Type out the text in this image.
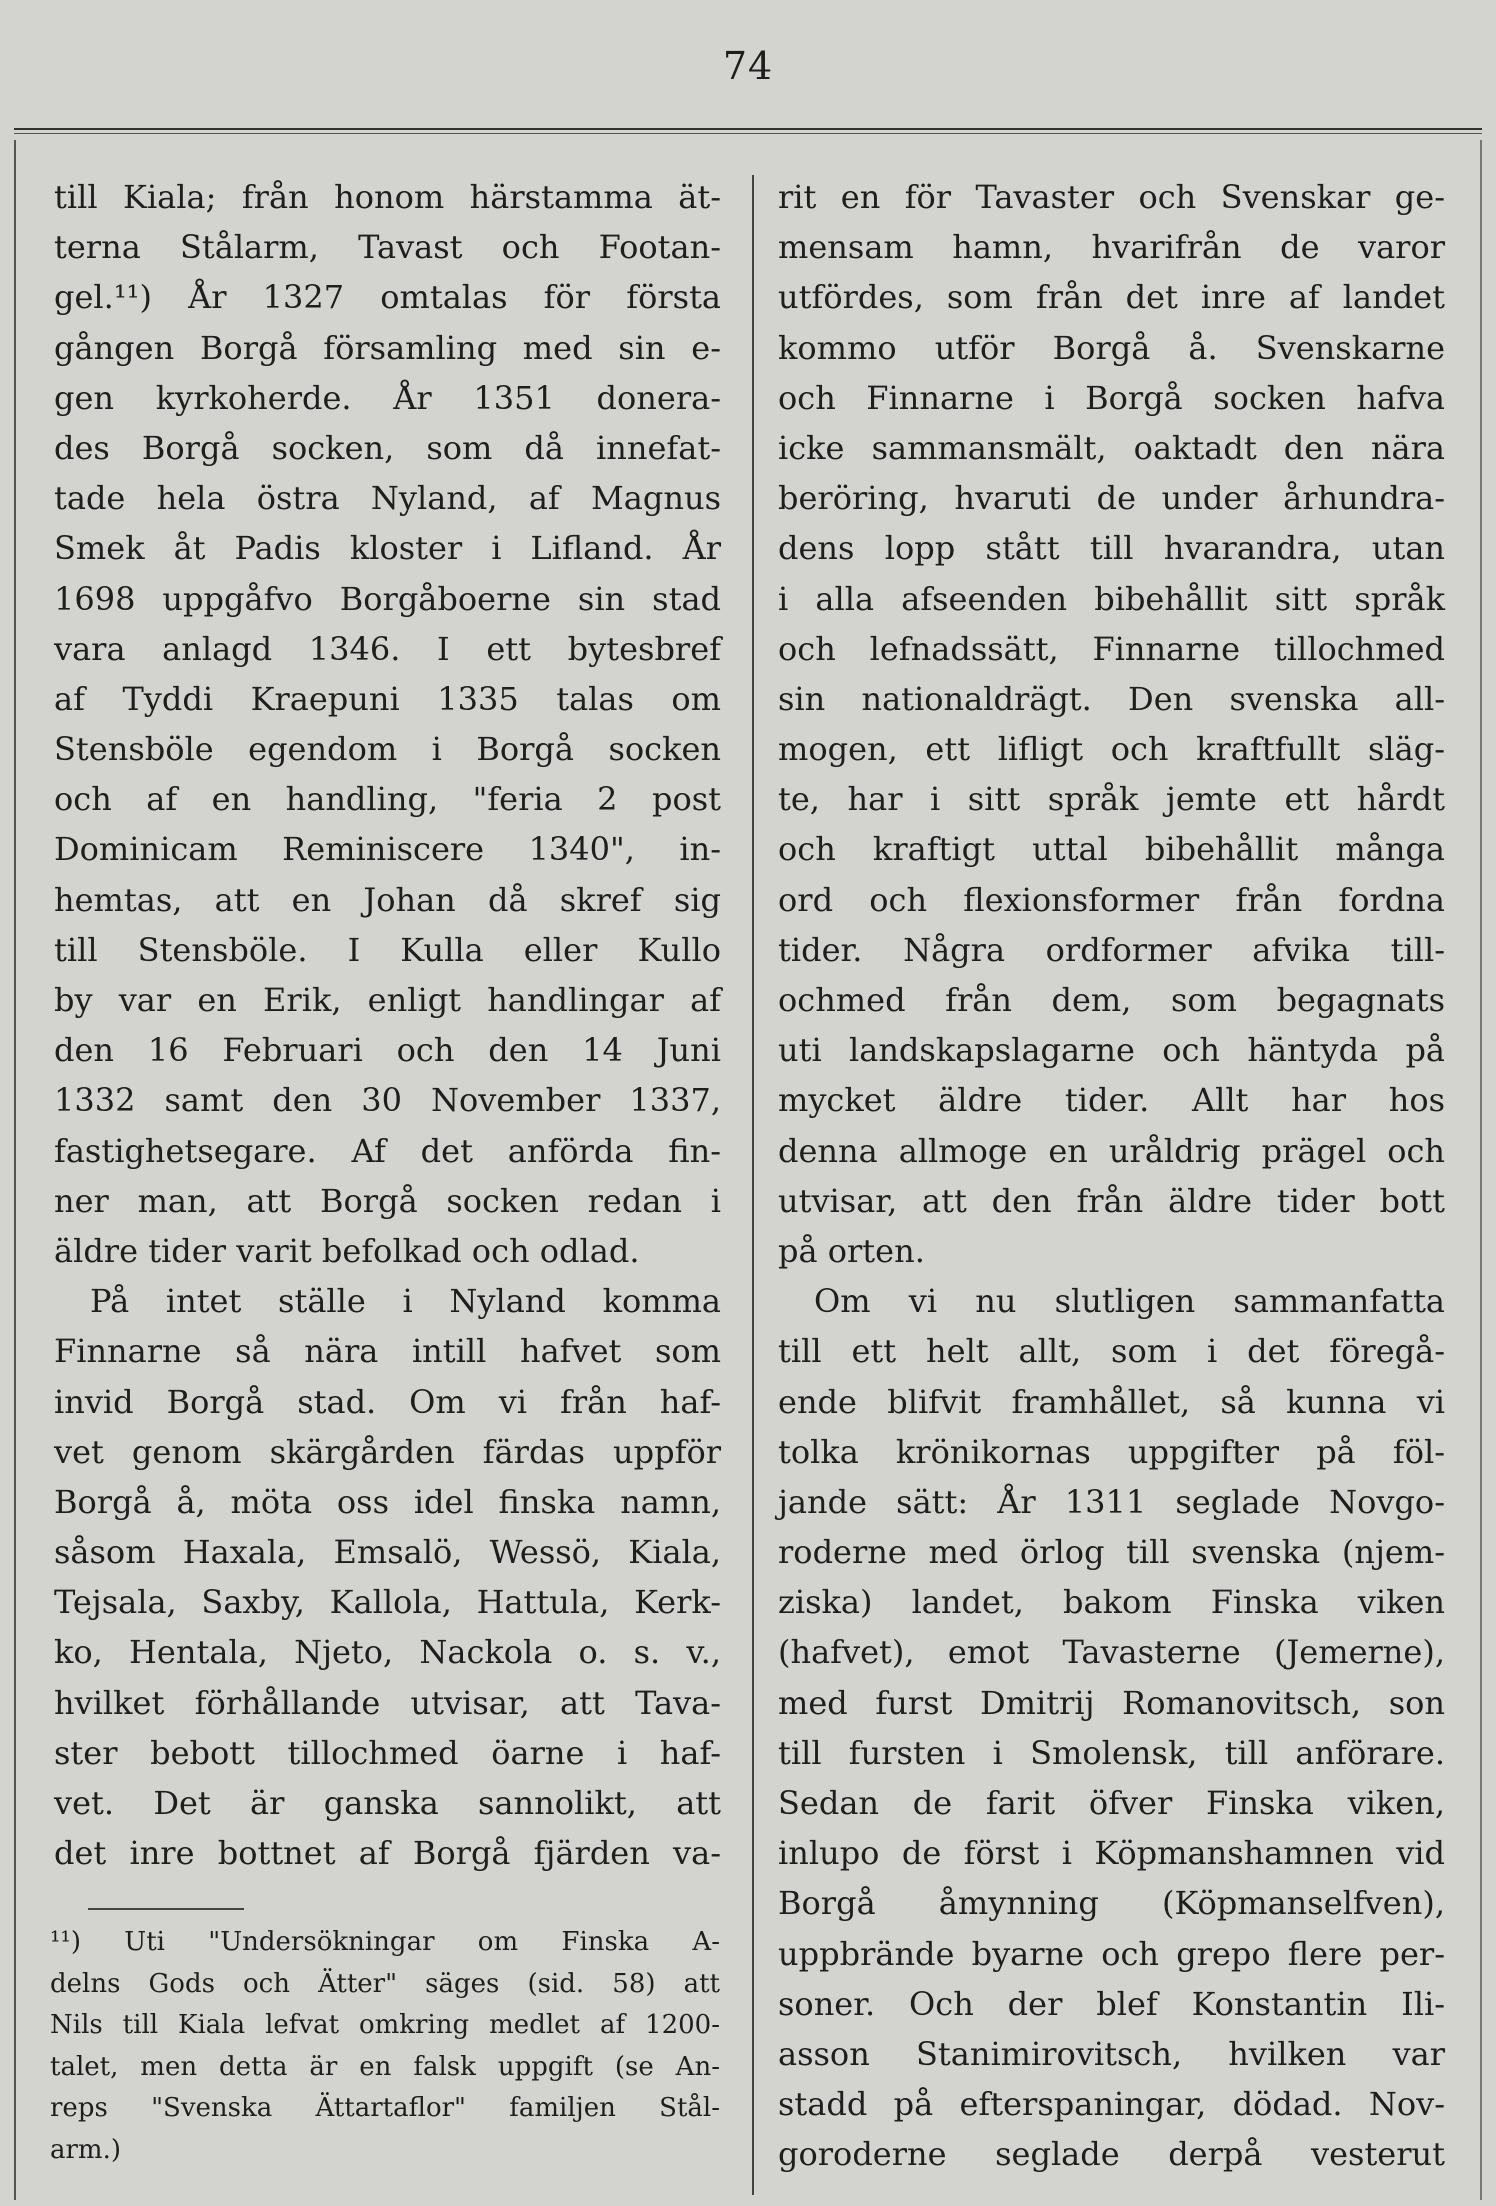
74
till Kiala; från honom härstamma ät-
terna Stålarm, Tavast och Footan-
gel.¹¹) År 1327 omtalas för första
gången Borgå församling med sin e-
gen kyrkoherde. År 1351 donera-
des Borgå socken, som då innefat-
tade hela östra Nyland, af Magnus
Smek åt Padis kloster i Lifland. År
1698 uppgåfvo Borgåboerne sin stad
vara anlagd 1346. I ett bytesbref
af Tyddi Kraepuni 1335 talas om
Stensböle egendom i Borgå socken
och af en handling, "feria 2 post
Dominicam Reminiscere 1340", in-
hemtas, att en Johan då skref sig
till Stensböle. I Kulla eller Kullo
by var en Erik, enligt handlingar af
den 16 Februari och den 14 Juni
1332 samt den 30 November 1337,
fastighetsegare. Af det anförda fin-
ner man, att Borgå socken redan i
äldre tider varit befolkad och odlad.
På intet ställe i Nyland komma
Finnarne så nära intill hafvet som
invid Borgå stad. Om vi från haf-
vet genom skärgården färdas uppför
Borgå å, möta oss idel finska namn,
såsom Haxala, Emsalö, Wessö, Kiala,
Tejsala, Saxby, Kallola, Hattula, Kerk-
ko, Hentala, Njeto, Nackola o. s. v.,
hvilket förhållande utvisar, att Tava-
ster bebott tillochmed öarne i haf-
vet. Det är ganska sannolikt, att
det inre bottnet af Borgå fjärden va-
rit en för Tavaster och Svenskar ge-
mensam hamn, hvarifrån de varor
utfördes, som från det inre af landet
kommo utför Borgå å. Svenskarne
och Finnarne i Borgå socken hafva
icke sammansmält, oaktadt den nära
beröring, hvaruti de under århundra-
dens lopp stått till hvarandra, utan
i alla afseenden bibehållit sitt språk
och lefnadssätt, Finnarne tillochmed
sin nationaldrägt. Den svenska all-
mogen, ett lifligt och kraftfullt släg-
te, har i sitt språk jemte ett hårdt
och kraftigt uttal bibehållit många
ord och flexionsformer från fordna
tider. Några ordformer afvika till-
ochmed från dem, som begagnats
uti landskapslagarne och häntyda på
mycket äldre tider. Allt har hos
denna allmoge en uråldrig prägel och
utvisar, att den från äldre tider bott
på orten.
Om vi nu slutligen sammanfatta
till ett helt allt, som i det föregå-
ende blifvit framhållet, så kunna vi
tolka krönikornas uppgifter på föl-
jande sätt: År 1311 seglade Novgo-
roderne med örlog till svenska (njem-
ziska) landet, bakom Finska viken
(hafvet), emot Tavasterne (Jemerne),
med furst Dmitrij Romanovitsch, son
till fursten i Smolensk, till anförare.
Sedan de farit öfver Finska viken,
inlupo de först i Köpmanshamnen vid
Borgå åmynning (Köpmanselfven),
uppbrände byarne och grepo flere per-
soner. Och der blef Konstantin Ili-
asson Stanimirovitsch, hvilken var
stadd på efterspaningar, dödad. Nov-
goroderne seglade derpå vesterut
¹¹) Uti "Undersökningar om Finska A-
delns Gods och Ätter" säges (sid. 58) att
Nils till Kiala lefvat omkring medlet af 1200-
talet, men detta är en falsk uppgift (se An-
reps "Svenska Ättartaflor" familjen Stål-
arm.)
